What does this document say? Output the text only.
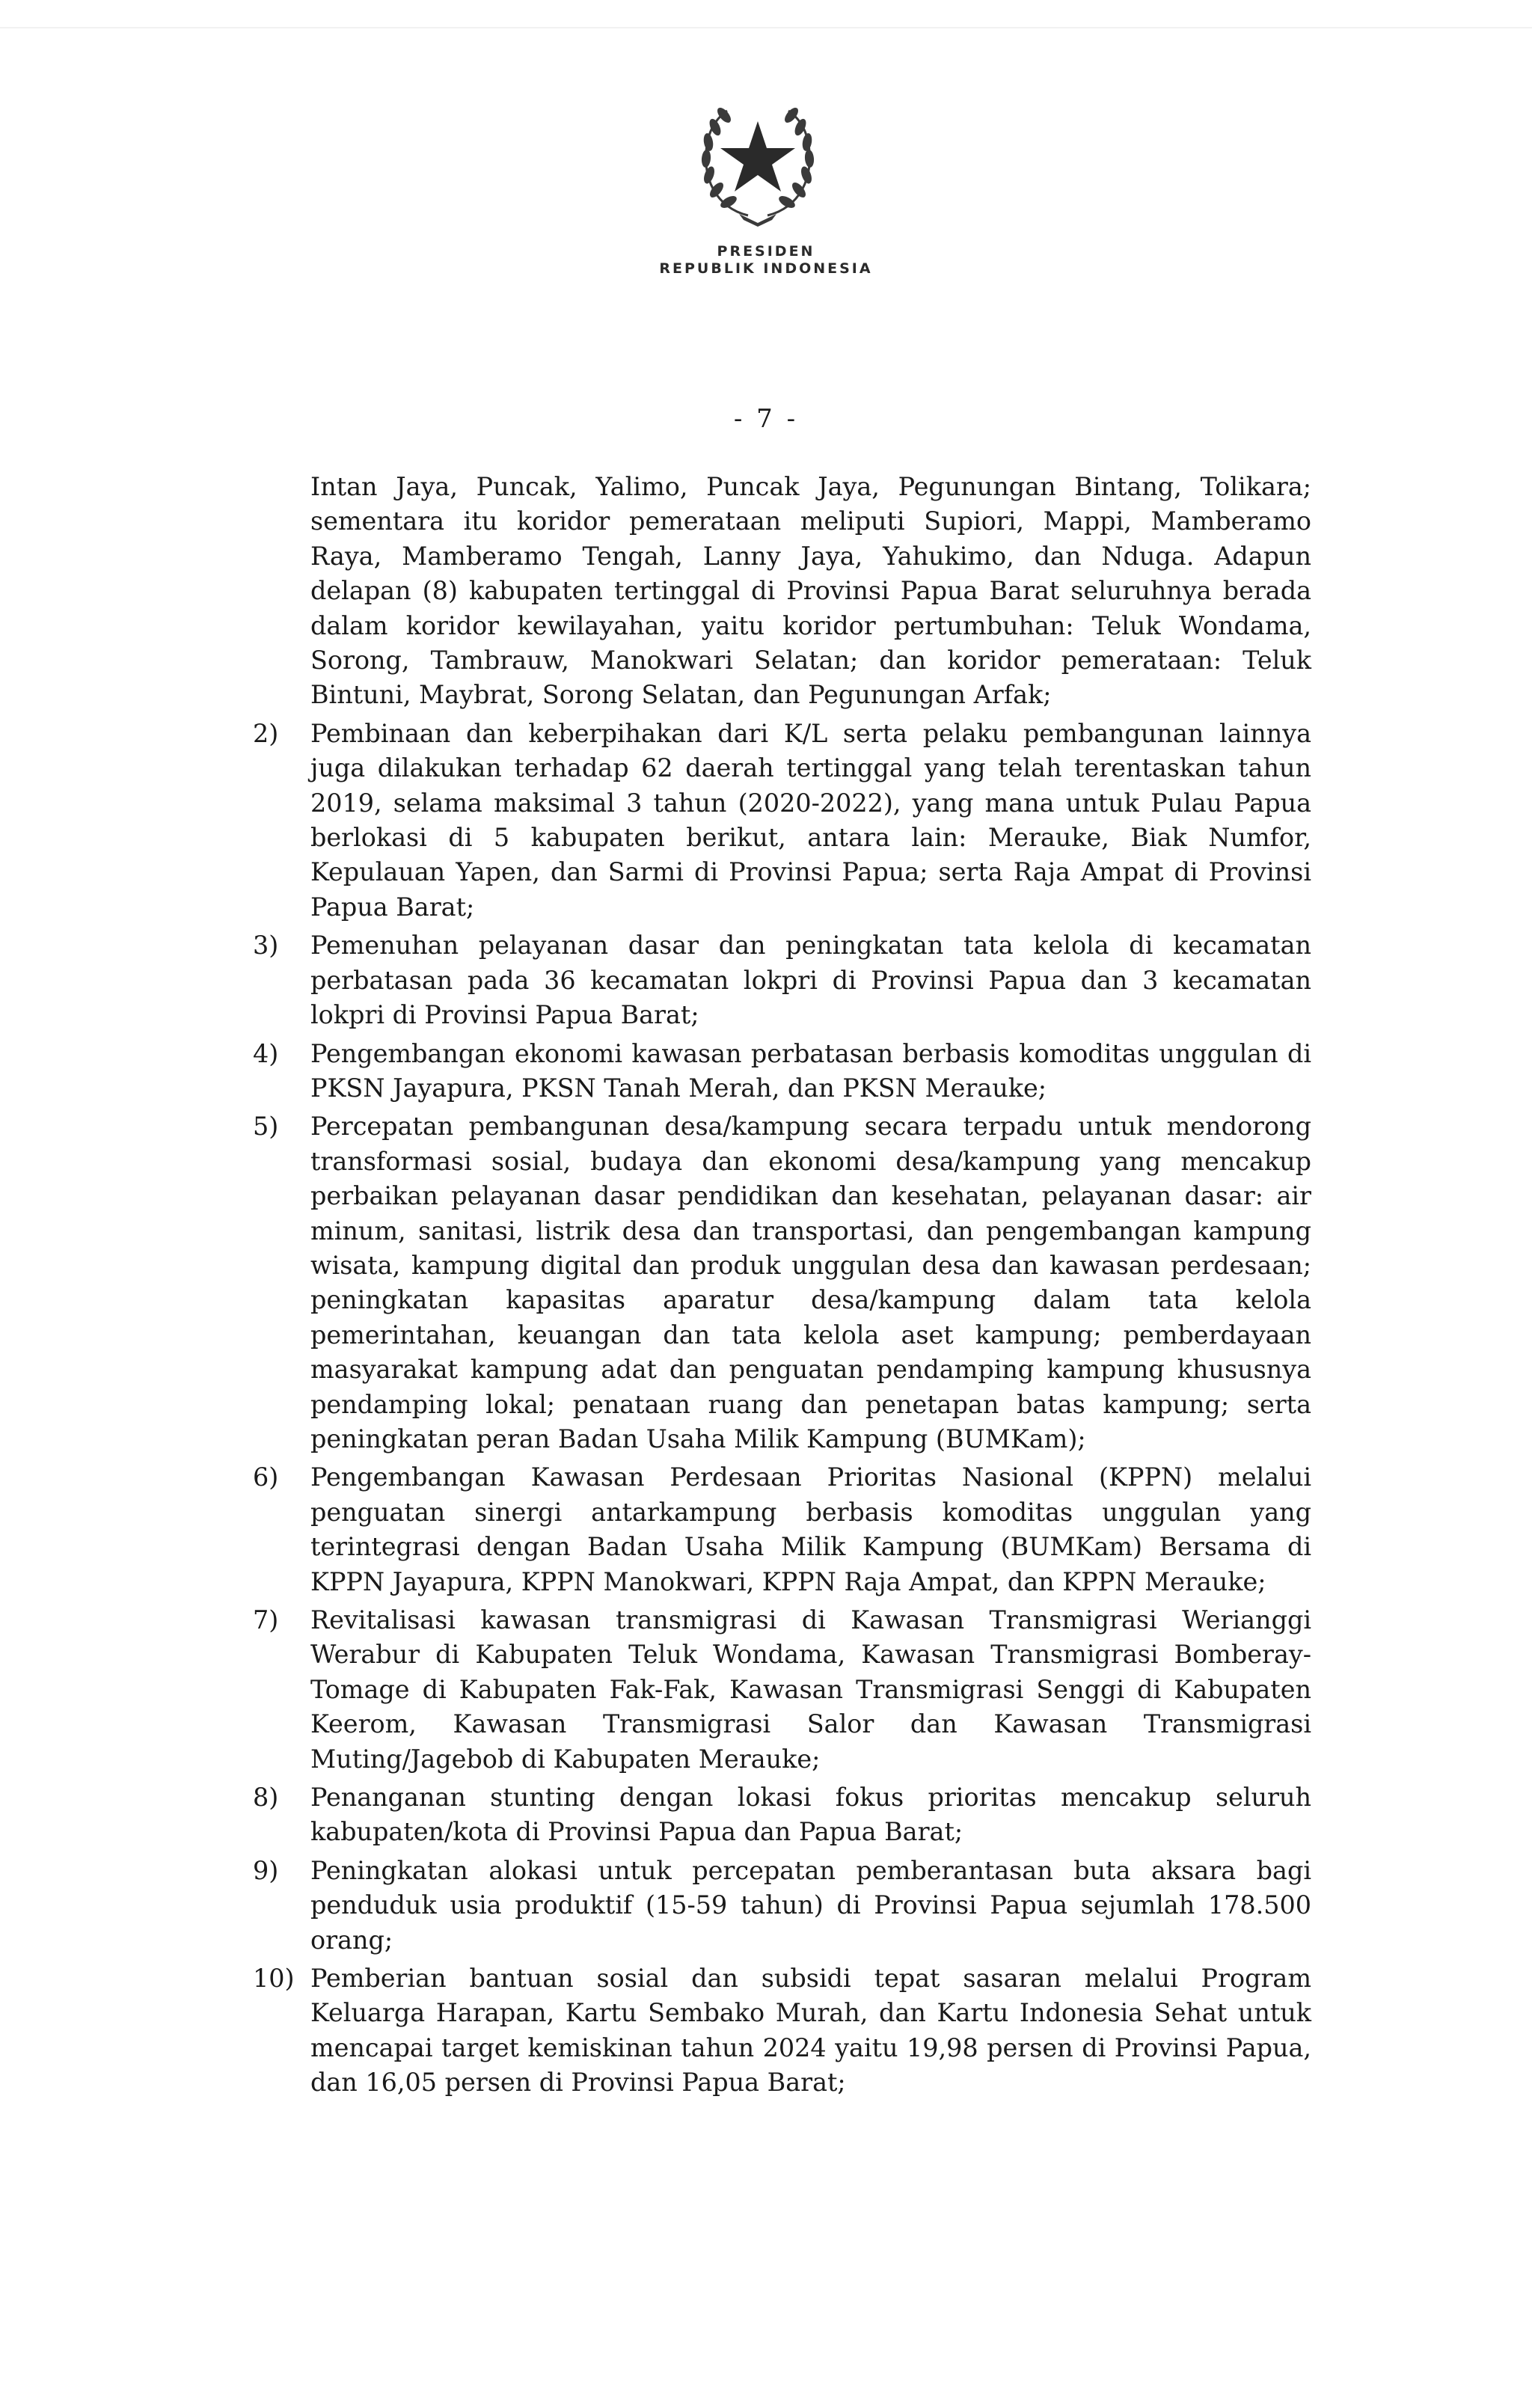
PRESIDEN
REPUBLIK INDONESIA
- 7 -

Intan Jaya, Puncak, Yalimo, Puncak Jaya, Pegunungan Bintang, Tolikara; sementara itu koridor pemerataan meliputi Supiori, Mappi, Mamberamo Raya, Mamberamo Tengah, Lanny Jaya, Yahukimo, dan Nduga. Adapun delapan (8) kabupaten tertinggal di Provinsi Papua Barat seluruhnya berada dalam koridor kewilayahan, yaitu koridor pertumbuhan: Teluk Wondama, Sorong, Tambrauw, Manokwari Selatan; dan koridor pemerataan: Teluk Bintuni, Maybrat, Sorong Selatan, dan Pegunungan Arfak;

2)	Pembinaan dan keberpihakan dari K/L serta pelaku pembangunan lainnya juga dilakukan terhadap 62 daerah tertinggal yang telah terentaskan tahun 2019, selama maksimal 3 tahun (2020-2022), yang mana untuk Pulau Papua berlokasi di 5 kabupaten berikut, antara lain: Merauke, Biak Numfor, Kepulauan Yapen, dan Sarmi di Provinsi Papua; serta Raja Ampat di Provinsi Papua Barat;

3)	Pemenuhan pelayanan dasar dan peningkatan tata kelola di kecamatan perbatasan pada 36 kecamatan lokpri di Provinsi Papua dan 3 kecamatan lokpri di Provinsi Papua Barat;

4)	Pengembangan ekonomi kawasan perbatasan berbasis komoditas unggulan di PKSN Jayapura, PKSN Tanah Merah, dan PKSN Merauke;

5)	Percepatan pembangunan desa/kampung secara terpadu untuk mendorong transformasi sosial, budaya dan ekonomi desa/kampung yang mencakup perbaikan pelayanan dasar pendidikan dan kesehatan, pelayanan dasar: air minum, sanitasi, listrik desa dan transportasi, dan pengembangan kampung wisata, kampung digital dan produk unggulan desa dan kawasan perdesaan; peningkatan kapasitas aparatur desa/kampung dalam tata kelola pemerintahan, keuangan dan tata kelola aset kampung; pemberdayaan masyarakat kampung adat dan penguatan pendamping kampung khususnya pendamping lokal; penataan ruang dan penetapan batas kampung; serta peningkatan peran Badan Usaha Milik Kampung (BUMKam);

6)	Pengembangan Kawasan Perdesaan Prioritas Nasional (KPPN) melalui penguatan sinergi antarkampung berbasis komoditas unggulan yang terintegrasi dengan Badan Usaha Milik Kampung (BUMKam) Bersama di KPPN Jayapura, KPPN Manokwari, KPPN Raja Ampat, dan KPPN Merauke;

7)	Revitalisasi kawasan transmigrasi di Kawasan Transmigrasi Werianggi Werabur di Kabupaten Teluk Wondama, Kawasan Transmigrasi Bomberay-Tomage di Kabupaten Fak-Fak, Kawasan Transmigrasi Senggi di Kabupaten Keerom, Kawasan Transmigrasi Salor dan Kawasan Transmigrasi Muting/Jagebob di Kabupaten Merauke;

8)	Penanganan stunting dengan lokasi fokus prioritas mencakup seluruh kabupaten/kota di Provinsi Papua dan Papua Barat;

9)	Peningkatan alokasi untuk percepatan pemberantasan buta aksara bagi penduduk usia produktif (15-59 tahun) di Provinsi Papua sejumlah 178.500 orang;

10) Pemberian bantuan sosial dan subsidi tepat sasaran melalui Program Keluarga Harapan, Kartu Sembako Murah, dan Kartu Indonesia Sehat untuk mencapai target kemiskinan tahun 2024 yaitu 19,98 persen di Provinsi Papua, dan 16,05 persen di Provinsi Papua Barat;
